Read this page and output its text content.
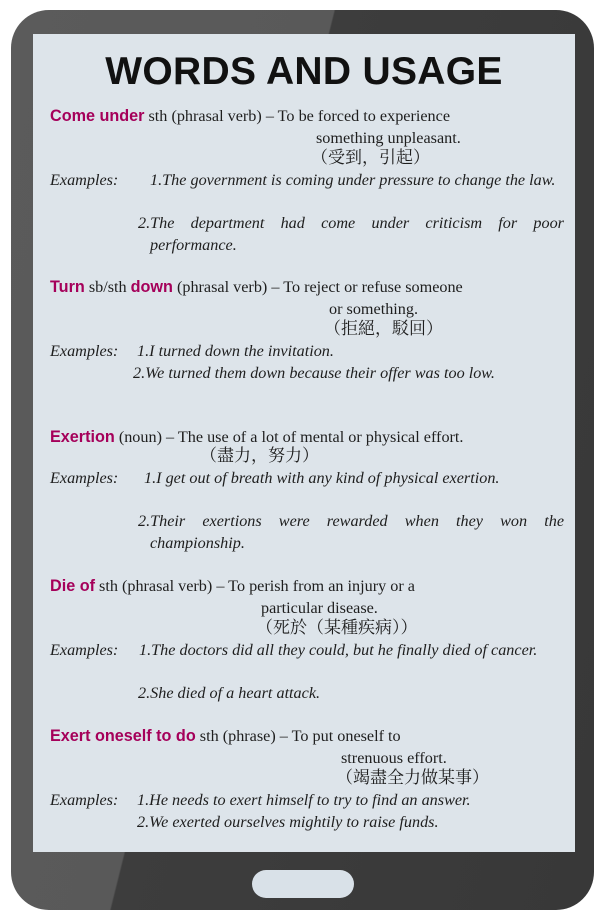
WORDS AND USAGE
Come under sth (phrasal verb) – To be forced to experience
something unpleasant.
（受到，引起）
Examples: 1.The government is coming under pressure to change the law.
2.The department had come under criticism for poor performance.
Turn sb/sth down (phrasal verb) – To reject or refuse someone
or something.
（拒絕，駁回）
Examples: 1.I turned down the invitation.
2.We turned them down because their offer was too low.
Exertion (noun) – The use of a lot of mental or physical effort.
（盡力，努力）
Examples: 1.I get out of breath with any kind of physical exertion.
2.Their exertions were rewarded when they won the championship.
Die of sth (phrasal verb) – To perish from an injury or a
particular disease.
（死於（某種疾病））
Examples: 1.The doctors did all they could, but he finally died of cancer.
2.She died of a heart attack.
Exert oneself to do sth (phrase) – To put oneself to
strenuous effort.
（竭盡全力做某事）
Examples: 1.He needs to exert himself to try to find an answer.
2.We exerted ourselves mightily to raise funds.
